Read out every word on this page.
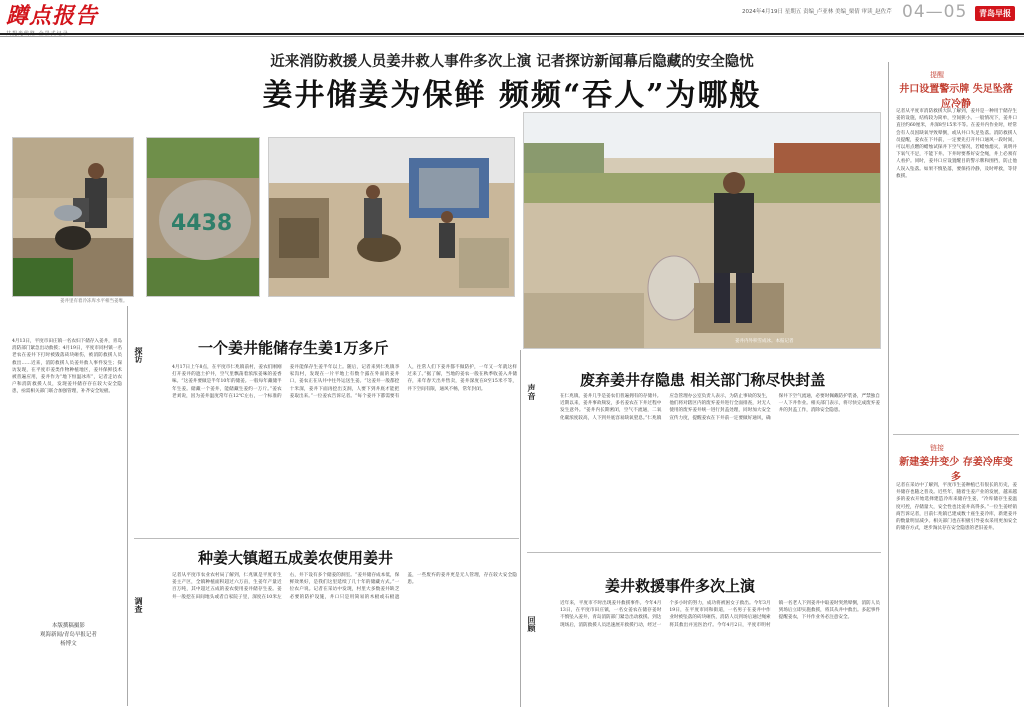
蹲点报告	2024年4月19日 星期五 责编_卢亚林 美编_栗倩 审读_赵佐芹 04—05	青岛早报
近来消防救援人员姜井救人事件多次上演 记者探访新闻幕后隐藏的安全隐忧
姜井储姜为保鲜 频频“吞人”为哪般
4438
姜井里有着冷冻库水平相当姜堆。
姜井内外积雪成冰。本报记者
4月13日，平度市田庄镇一名农妇下储存入姜井，青岛消防部门紧急出动救援；4月19日，平度市同村镇一名老农在姜井下打时被毁落砖块砸伤，被消防救援人员救出……近来，消防救援人员姜井救人事件发生；探访发现，在平度市姜类作物种植地区，姜井保鲜技术被普遍应用，姜井作为“地下恒温冰库”，记者走访农户和消防救援人员，发现姜井储存存在较大安全隐患，亟需相关部门联合加强管理，补齐安全短板。
本版撰稿摄影
观海新闻/青岛早报记者
杨博文
探访	一个姜井能储存生姜1万多斤
4月17日上午8点，在平度市仁兆镇前村，姜农们刚刚打开姜井的遮土护井，空气里飘荡着浓浓姜味的姜香味。“这姜井要做是半年10年的储姜。一般每年藏储半年生姜。储藏一个姜井，能储藏生姜约一万斤。”姜农老刘说，因为姜井温度常年在12℃左右，一个标准的姜井能保存生姜半年以上。随后，记者来到仁兆镇李家沟村，发现在一片平地上有数个露在外面的姜井口，姜农正在从井中往外运送生姜。“这姜井一般都挖十米深，姜井下面再挖出支洞，人要下到井底才能把姜取出来。”一位姜农告诉记者。“每个姜井下都需要有人，往常人们下姜井都不做防护，一年又一年就这样过来了。”据了解，当地的姜农一般在秋季收姜入井储存，来年春天出井售卖，姜井深度在8至15米不等，井下空间有限，通风不畅，常年封闭。
调查
种姜大镇超五成姜农使用姜井
记者从平度市农业农村局了解到，仁兆镇是平度市生姜主产区，全镇种植面积超过六万亩，生姜年产量近百万吨，其中超过五成的姜农使用姜井储存生姜。姜井一般挖在田间地头或者自家院子里，深度在10米左右，井下设有多个储姜的洞室。“姜井储存成本低，保鲜效果好，是我们这里延续了几十年的储藏方式。”一位农户说。记者在采访中发现，村里大多数姜井缺乏必要的防护设施，井口只是用简易的木板或石板遮盖，一些废弃的姜井更是无人管理，存在较大安全隐患。
声音
废弃姜井存隐患 相关部门称尽快封盖
在仁兆镇，姜井几乎是姜农们普遍拥有的存储井。近期以来，姜井事故频发，多名姜农在下井过程中发生意外。“姜井内长期密闭，空气不流通，二氧化碳浓度较高，人下到井底容易缺氧窒息。”仁兆镇应急管理办公室负责人表示，为防止事故的发生，他们将对辖区内的废弃姜井进行全面排查，对无人使用的废弃姜井统一进行封盖处理，同时加大安全宣传力度，提醒姜农在下井前一定要做好通风，确保井下空气流通，必要时佩戴防护装备，严禁独自一人下井作业。相关部门表示，将尽快完成废弃姜井的封盖工作，消除安全隐患。
回顾
姜井救援事件多次上演
近年来，平度市不时出现姜井救援事件。今年4月13日，在平度市田庄镇，一名女姜农在储存姜时不慎坠入姜井，青岛消防部门紧急出动救援。到达现场后，消防救援人员迅速展开救援行动，经过一个多小时的努力，成功将被困女子救出。今年3月19日，在平度市同和街道，一名男子在姜井中作业时被坠落的砖块砸伤，消防人员到场后通过绳索将其救出并送医治疗。今年4月2日，平度市明村镇一名老人下到姜井中取姜时突然晕倒，消防人员到场后立即实施救援，将其从井中救出。多起事件提醒姜农，下井作业务必注意安全。
提醒
井口设置警示牌 失足坠落应冷静
记者从平度市消防救援大队了解到，姜井是一种用于储存生姜的设施，结构较为简单，空间狭小。一般情况下，姜井口直径约60厘米，井深8至15米不等。在姜井内作业时，经常会有人员因缺氧导致晕倒，或从井口失足坠落。消防救援人员提醒，姜农在下井前，一定要先打开井口通风一段时间，可以用点燃的蜡烛试探井下空气情况，若蜡烛熄灭，说明井下氧气不足，不能下井。下井时要系好安全绳，井上必须有人看护。同时，姜井口应设置醒目的警示牌和围挡，防止他人误入坠落。如果不慎坠落，要保持冷静，及时呼救，等待救援。
链接
新建姜井变少 存姜冷库变多
记者在采访中了解到，平度市生姜种植已有很长的历史，姜井储存也随之普及。近些年，随着生姜产业的发展，越来越多的姜农开始选择建造冷库来储存生姜，“冷库储存生姜温度可控，存储量大，安全性也比姜井高得多。”一位生姜经销商告诉记者，目前仁兆镇已建成数十座生姜冷库，新建姜井的数量明显减少。相关部门也在积极引导姜农采用更加安全的储存方式，逐步淘汰存在安全隐患的老旧姜井。
